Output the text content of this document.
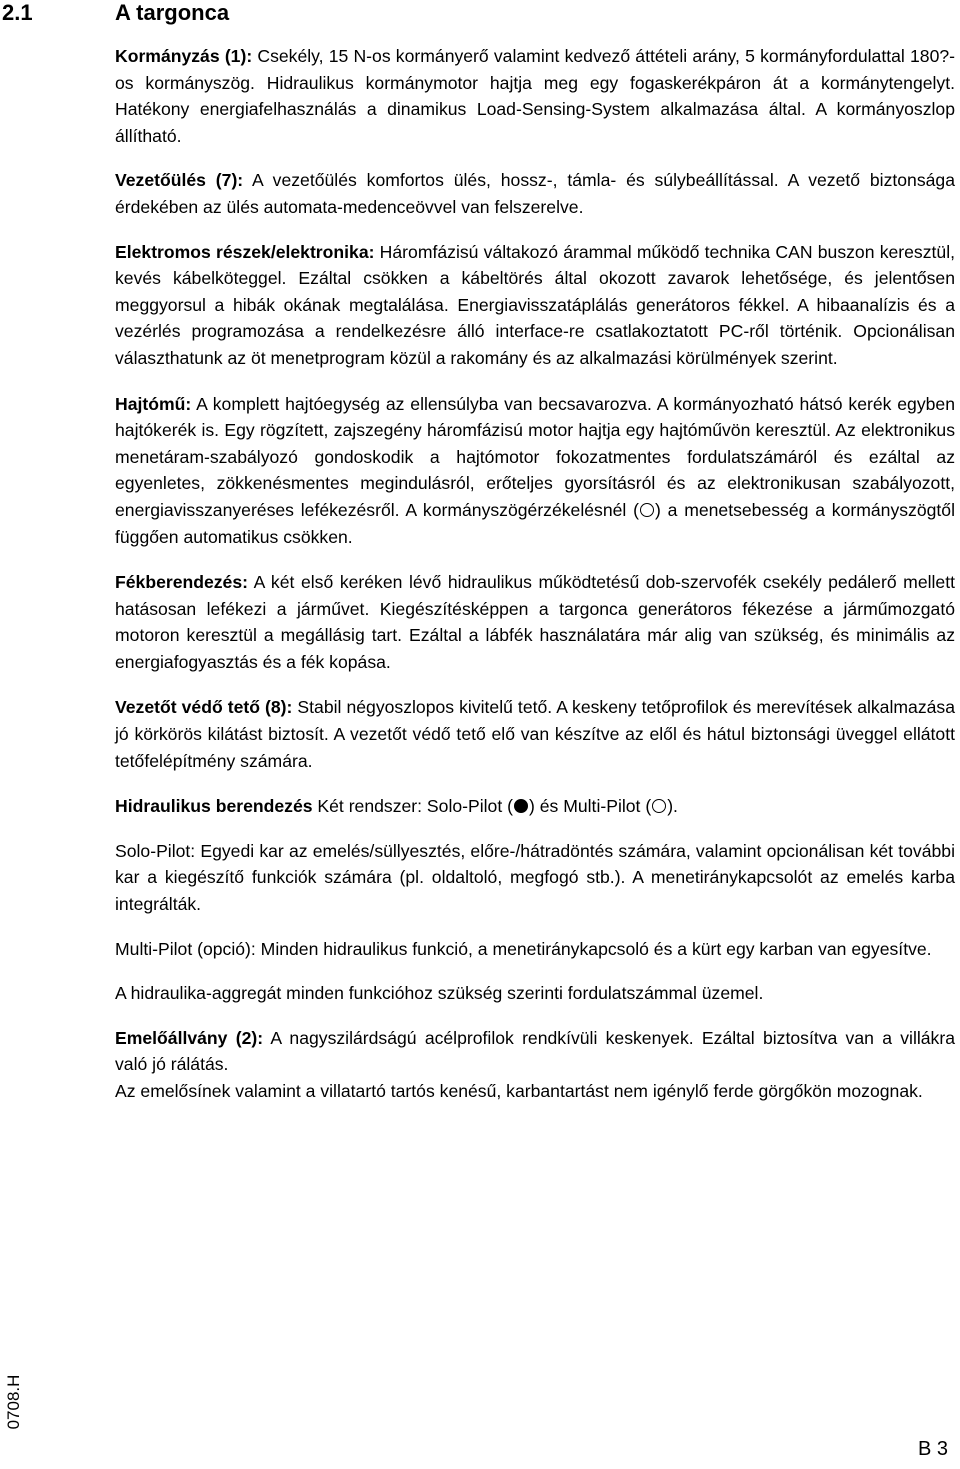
2.1	A targonca

Kormányzás (1): Csekély, 15 N-os kormányerő valamint kedvező áttételi arány, 5 kormányfordulattal 180?-os kormányszög. Hidraulikus kormánymotor hajtja meg egy fogaskerékpáron át a kormánytengelyt. Hatékony energiafelhasználás a dinamikus Load-Sensing-System alkalmazása által. A kormányoszlop állítható.

Vezetőülés (7): A vezetőülés komfortos ülés, hossz-, támla- és súlybeállítással. A vezető biztonsága érdekében az ülés automata-medenceövvel van felszerelve.

Elektromos részek/elektronika: Háromfázisú váltakozó árammal működő technika CAN buszon keresztül, kevés kábelköteggel. Ezáltal csökken a kábeltörés által okozott zavarok lehetősége, és jelentősen meggyorsul a hibák okának megtalálása. Energiavisszatáplálás generátoros fékkel. A hibaanalízis és a vezérlés programozása a rendelkezésre álló interface-re csatlakoztatott PC-ről történik. Opcionálisan választhatunk az öt menetprogram közül a rakomány és az alkalmazási körülmények szerint.

Hajtómű: A komplett hajtóegység az ellensúlyba van becsavarozva. A kormányozható hátsó kerék egyben hajtókerék is. Egy rögzített, zajszegény háromfázisú motor hajtja egy hajtóművön keresztül. Az elektronikus menetáram-szabályozó gondoskodik a hajtómotor fokozatmentes fordulatszámáról és ezáltal az egyenletes, zökkenésmentes megindulásról, erőteljes gyorsításról és az elektronikusan szabályozott, energiavisszanyeréses lefékezésről. A kormányszögérzékelésnél ( ) a menetsebesség a kormányszögtől függően automatikus csökken.

Fékberendezés: A két első keréken lévő hidraulikus működtetésű dob-szervofék csekély pedálerő mellett hatásosan lefékezi a járművet. Kiegészítésképpen a targonca generátoros fékezése a járműmozgató motoron keresztül a megállásig tart. Ezáltal a lábfék használatára már alig van szükség, és minimális az energiafogyasztás és a fék kopása.

Vezetőt védő tető (8): Stabil négyoszlopos kivitelű tető. A keskeny tetőprofilok és merevítések alkalmazása jó körkörös kilátást biztosít. A vezetőt védő tető elő van készítve az elől és hátul biztonsági üveggel ellátott tetőfelépítmény számára.

Hidraulikus berendezés Két rendszer: Solo-Pilot ( ) és Multi-Pilot ( ).

Solo-Pilot: Egyedi kar az emelés/süllyesztés, előre-/hátradöntés számára, valamint opcionálisan két további kar a kiegészítő funkciók számára (pl. oldaltoló, megfogó stb.). A menetiránykapcsolót az emelés karba integrálták.

Multi-Pilot (opció): Minden hidraulikus funkció, a menetiránykapcsoló és a kürt egy karban van egyesítve.

A hidraulika-aggregát minden funkcióhoz szükség szerinti fordulatszámmal üzemel.

Emelőállvány (2): A nagyszilárdságú acélprofilok rendkívüli keskenyek. Ezáltal biztosítva van a villákra való jó rálátás.

Az emelősínek valamint a villatartó tartós kenésű, karbantartást nem igénylő ferde görgőkön mozognak.

0708.H
B 3
